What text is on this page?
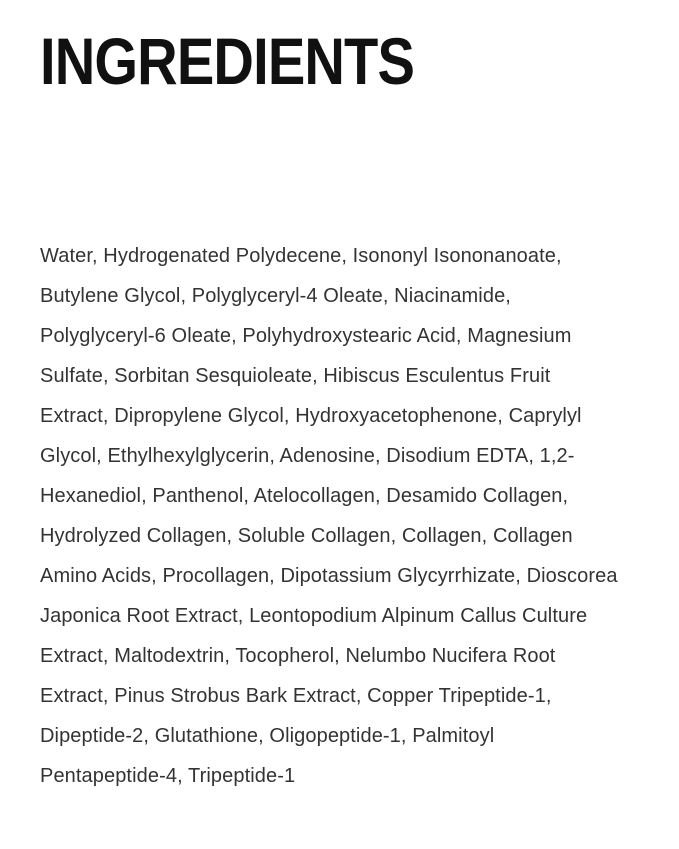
INGREDIENTS
Water, Hydrogenated Polydecene, Isononyl Isononanoate,
Butylene Glycol, Polyglyceryl-4 Oleate, Niacinamide,
Polyglyceryl-6 Oleate, Polyhydroxystearic Acid, Magnesium
Sulfate, Sorbitan Sesquioleate, Hibiscus Esculentus Fruit
Extract, Dipropylene Glycol, Hydroxyacetophenone, Caprylyl
Glycol, Ethylhexylglycerin, Adenosine, Disodium EDTA, 1,2-
Hexanediol, Panthenol, Atelocollagen, Desamido Collagen,
Hydrolyzed Collagen, Soluble Collagen, Collagen, Collagen
Amino Acids, Procollagen, Dipotassium Glycyrrhizate, Dioscorea
Japonica Root Extract, Leontopodium Alpinum Callus Culture
Extract, Maltodextrin, Tocopherol, Nelumbo Nucifera Root
Extract, Pinus Strobus Bark Extract, Copper Tripeptide-1,
Dipeptide-2, Glutathione, Oligopeptide-1, Palmitoyl
Pentapeptide-4, Tripeptide-1
